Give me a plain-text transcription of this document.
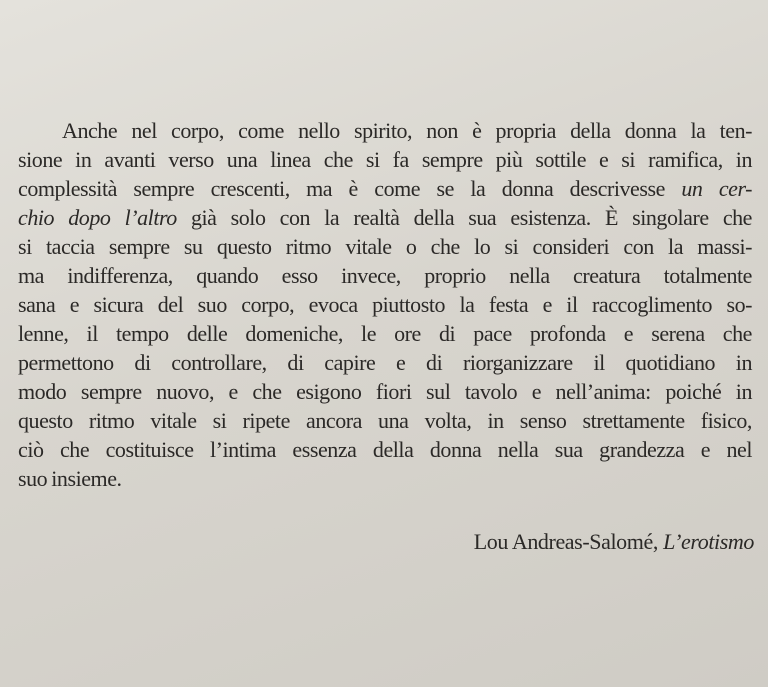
Anche nel corpo, come nello spirito, non è propria della donna la ten-
sione in avanti verso una linea che si fa sempre più sottile e si ramifica, in
complessità sempre crescenti, ma è come se la donna descrivesse un cer-
chio dopo l’altro già solo con la realtà della sua esistenza. È singolare che
si taccia sempre su questo ritmo vitale o che lo si consideri con la massi-
ma indifferenza, quando esso invece, proprio nella creatura totalmente
sana e sicura del suo corpo, evoca piuttosto la festa e il raccoglimento so-
lenne, il tempo delle domeniche, le ore di pace profonda e serena che
permettono di controllare, di capire e di riorganizzare il quotidiano in
modo sempre nuovo, e che esigono fiori sul tavolo e nell’anima: poiché in
questo ritmo vitale si ripete ancora una volta, in senso strettamente fisico,
ciò che costituisce l’intima essenza della donna nella sua grandezza e nel
suo insieme.
Lou Andreas-Salomé, L’erotismo
